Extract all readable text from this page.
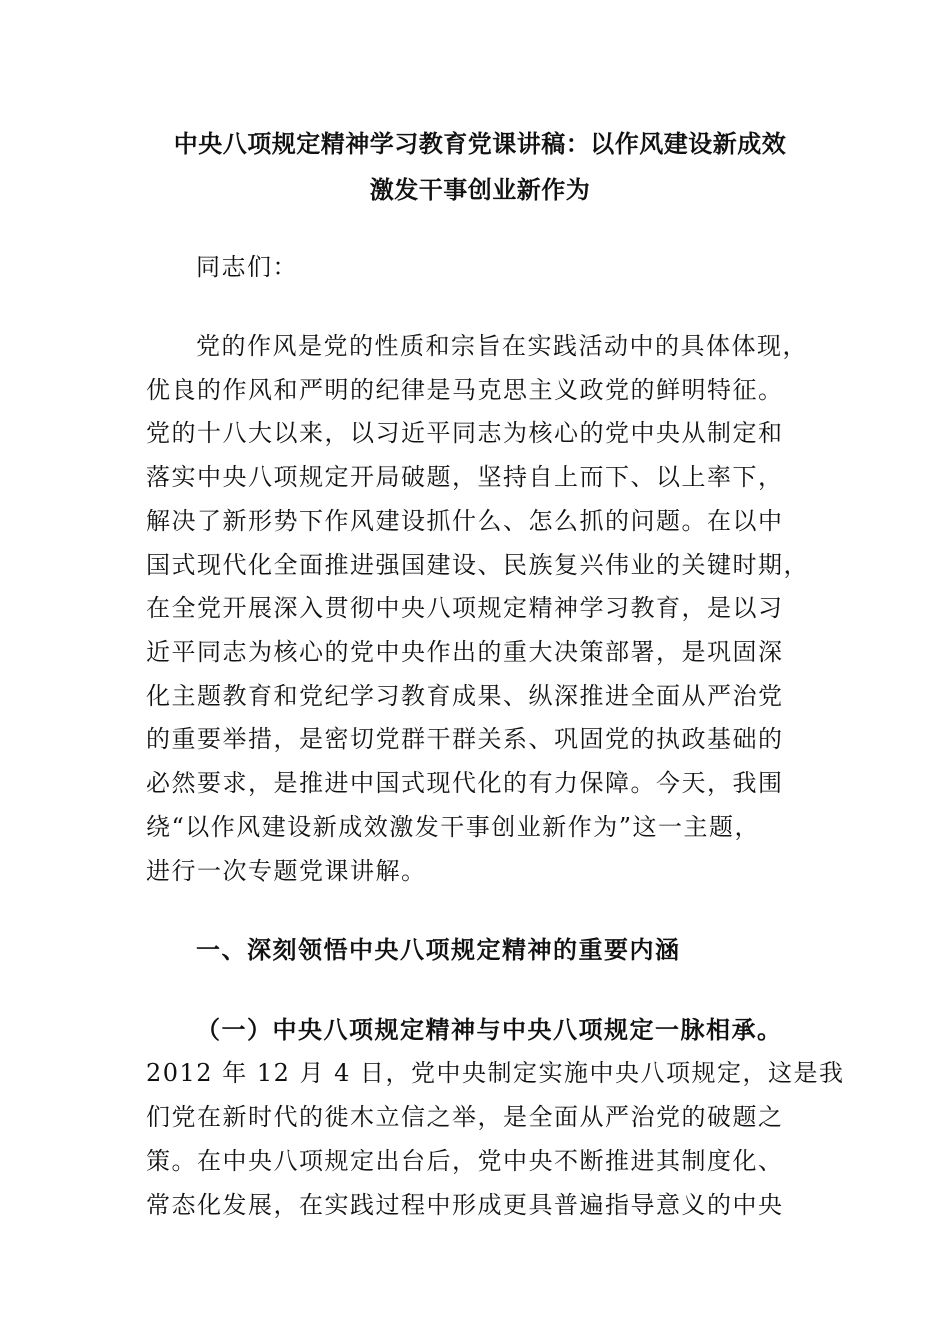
中央八项规定精神学习教育党课讲稿：以作风建设新成效
激发干事创业新作为
同志们：
党的作风是党的性质和宗旨在实践活动中的具体体现，
优良的作风和严明的纪律是马克思主义政党的鲜明特征。
党的十八大以来，以习近平同志为核心的党中央从制定和
落实中央八项规定开局破题，坚持自上而下、以上率下，
解决了新形势下作风建设抓什么、怎么抓的问题。在以中
国式现代化全面推进强国建设、民族复兴伟业的关键时期，
在全党开展深入贯彻中央八项规定精神学习教育，是以习
近平同志为核心的党中央作出的重大决策部署，是巩固深
化主题教育和党纪学习教育成果、纵深推进全面从严治党
的重要举措，是密切党群干群关系、巩固党的执政基础的
必然要求，是推进中国式现代化的有力保障。今天，我围
绕“以作风建设新成效激发干事创业新作为”这一主题，
进行一次专题党课讲解。
一、深刻领悟中央八项规定精神的重要内涵
（一）中央八项规定精神与中央八项规定一脉相承。
2012 年 12 月 4 日，党中央制定实施中央八项规定，这是我
们党在新时代的徙木立信之举，是全面从严治党的破题之
策。在中央八项规定出台后，党中央不断推进其制度化、
常态化发展，在实践过程中形成更具普遍指导意义的中央
